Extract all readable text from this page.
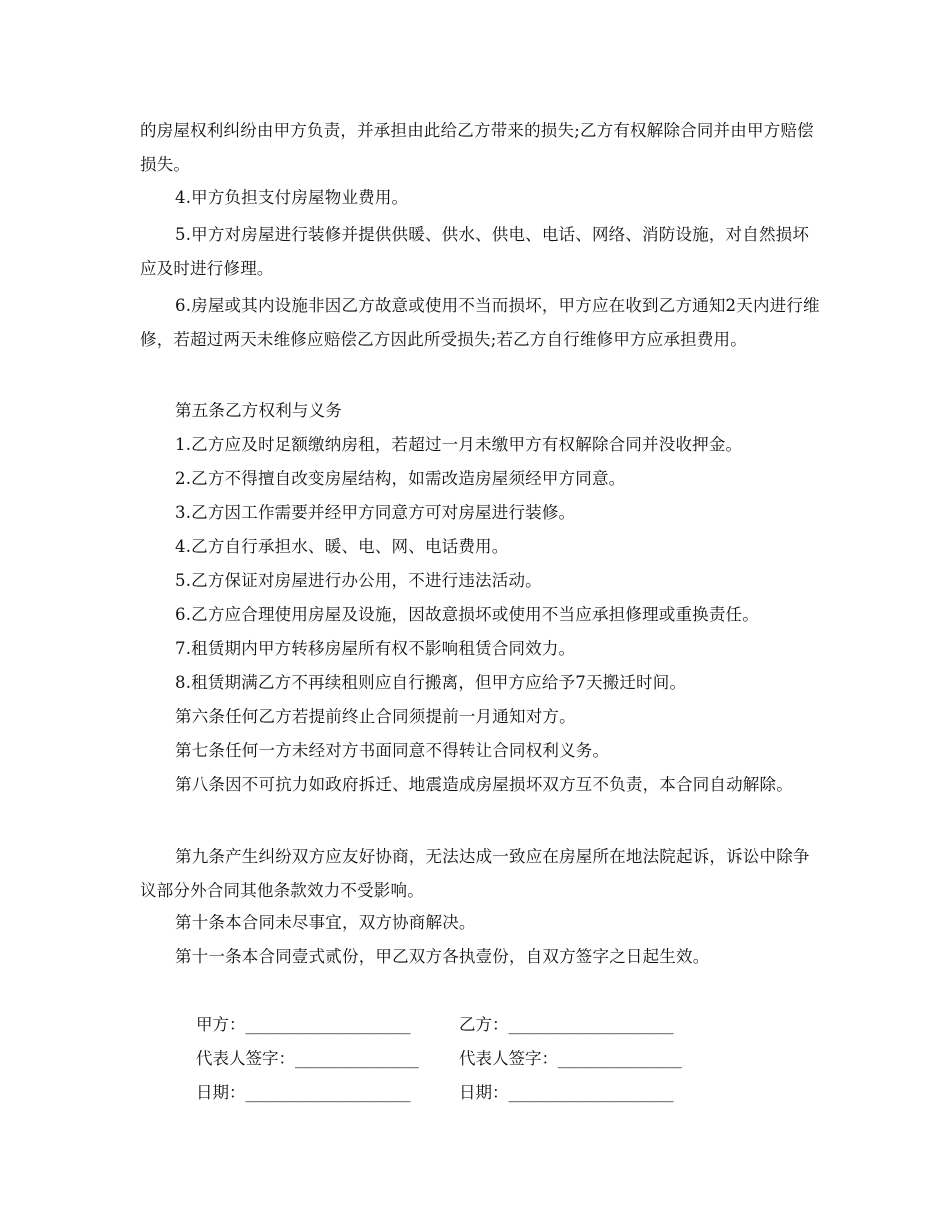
的房屋权利纠纷由甲方负责，并承担由此给乙方带来的损失;乙方有权解除合同并由甲方赔偿损失。

4.甲方负担支付房屋物业费用。

5.甲方对房屋进行装修并提供供暖、供水、供电、电话、网络、消防设施，对自然损坏应及时进行修理。

6.房屋或其内设施非因乙方故意或使用不当而损坏，甲方应在收到乙方通知2天内进行维修，若超过两天未维修应赔偿乙方因此所受损失;若乙方自行维修甲方应承担费用。

第五条乙方权利与义务

1.乙方应及时足额缴纳房租，若超过一月未缴甲方有权解除合同并没收押金。

2.乙方不得擅自改变房屋结构，如需改造房屋须经甲方同意。

3.乙方因工作需要并经甲方同意方可对房屋进行装修。

4.乙方自行承担水、暖、电、网、电话费用。

5.乙方保证对房屋进行办公用，不进行违法活动。

6.乙方应合理使用房屋及设施，因故意损坏或使用不当应承担修理或重换责任。

7.租赁期内甲方转移房屋所有权不影响租赁合同效力。

8.租赁期满乙方不再续租则应自行搬离，但甲方应给予7天搬迁时间。

第六条任何乙方若提前终止合同须提前一月通知对方。

第七条任何一方未经对方书面同意不得转让合同权利义务。

第八条因不可抗力如政府拆迁、地震造成房屋损坏双方互不负责，本合同自动解除。

第九条产生纠纷双方应友好协商，无法达成一致应在房屋所在地法院起诉，诉讼中除争议部分外合同其他条款效力不受影响。

第十条本合同未尽事宜，双方协商解决。

第十一条本合同壹式贰份，甲乙双方各执壹份，自双方签字之日起生效。

甲方：____________________	乙方：____________________

代表人签字：_______________ 代表人签字：_______________

日期：____________________	日期：____________________
